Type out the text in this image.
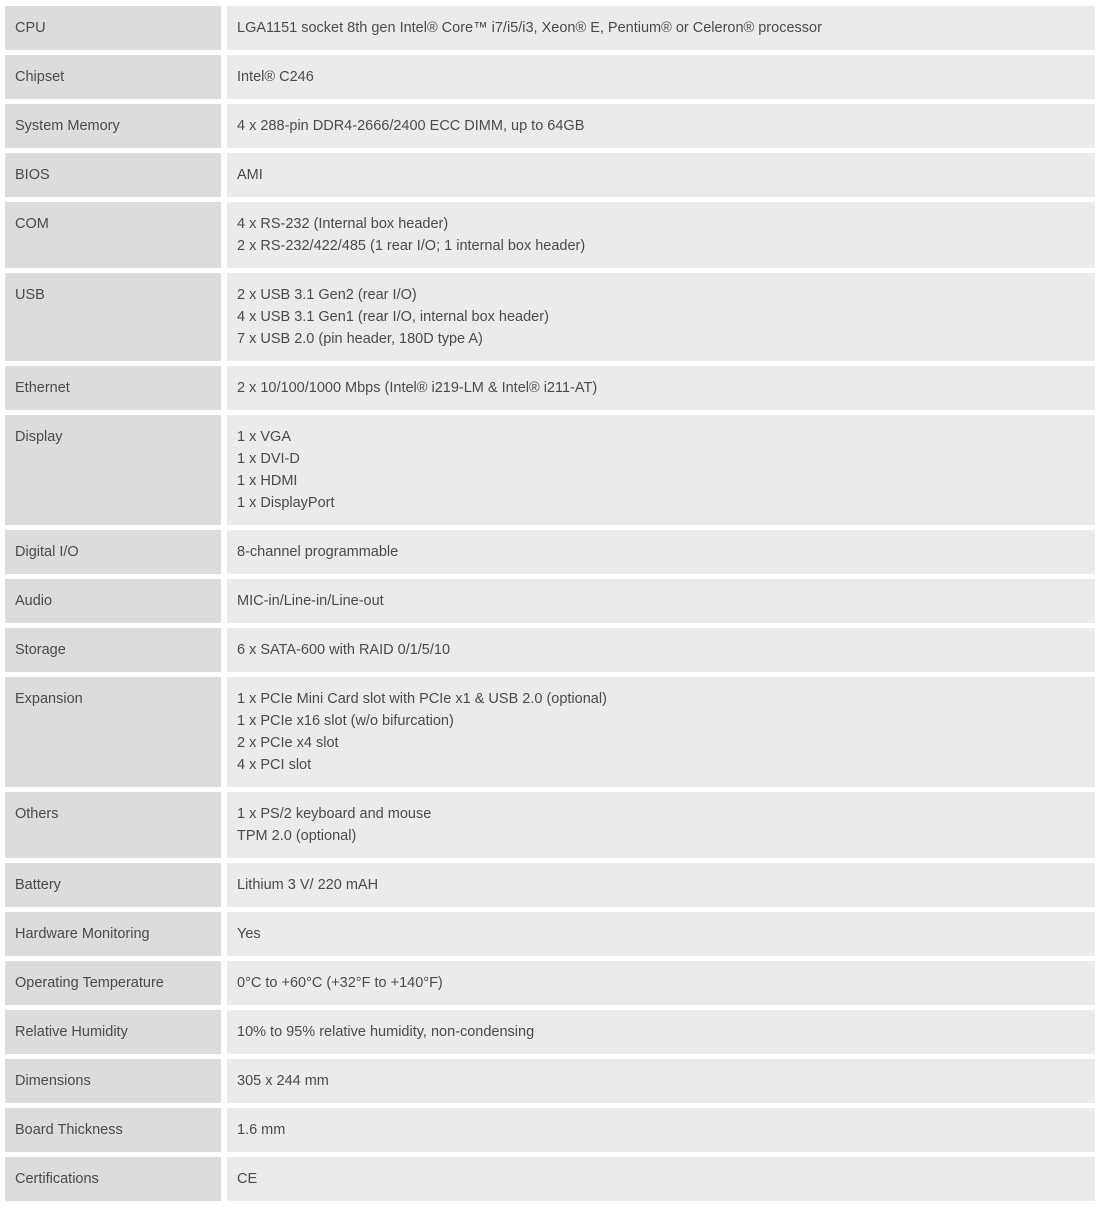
CPU	LGA1151 socket 8th gen Intel® Core™ i7/i5/i3, Xeon® E, Pentium® or Celeron® processor
Chipset	Intel® C246
System Memory	4 x 288-pin DDR4-2666/2400 ECC DIMM, up to 64GB
BIOS	AMI
COM	4 x RS-232 (Internal box header)
2 x RS-232/422/485 (1 rear I/O; 1 internal box header)
USB	2 x USB 3.1 Gen2 (rear I/O)
4 x USB 3.1 Gen1 (rear I/O, internal box header)
7 x USB 2.0 (pin header, 180D type A)
Ethernet	2 x 10/100/1000 Mbps (Intel® i219-LM & Intel® i211-AT)
Display	1 x VGA
1 x DVI-D
1 x HDMI
1 x DisplayPort
Digital I/O	8-channel programmable
Audio	MIC-in/Line-in/Line-out
Storage	6 x SATA-600 with RAID 0/1/5/10
Expansion	1 x PCIe Mini Card slot with PCIe x1 & USB 2.0 (optional)
1 x PCIe x16 slot (w/o bifurcation)
2 x PCIe x4 slot
4 x PCI slot
Others	1 x PS/2 keyboard and mouse
TPM 2.0 (optional)
Battery	Lithium 3 V/ 220 mAH
Hardware Monitoring	Yes
Operating Temperature	0°C to +60°C (+32°F to +140°F)
Relative Humidity	10% to 95% relative humidity, non-condensing
Dimensions	305 x 244 mm
Board Thickness	1.6 mm
Certifications	CE
